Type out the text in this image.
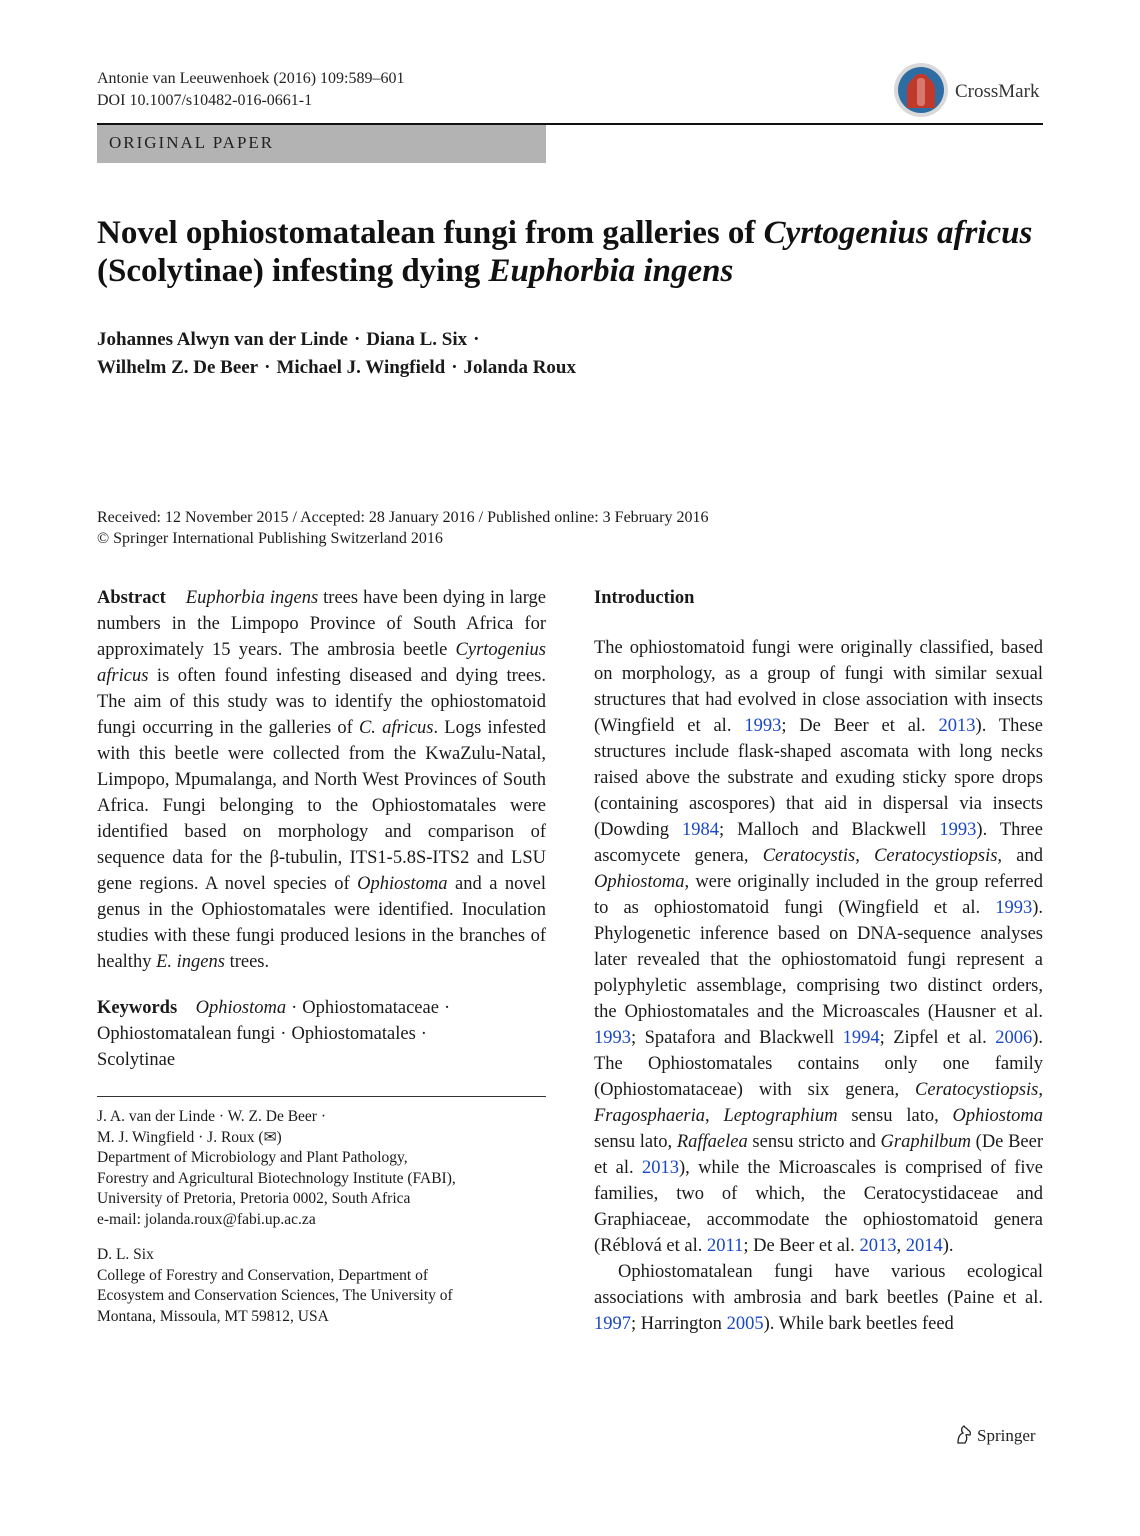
Antonie van Leeuwenhoek (2016) 109:589–601
DOI 10.1007/s10482-016-0661-1	CrossMark
ORIGINAL PAPER
Novel ophiostomatalean fungi from galleries of Cyrtogenius africus (Scolytinae) infesting dying Euphorbia ingens
Johannes Alwyn van der Linde · Diana L. Six ·
Wilhelm Z. De Beer · Michael J. Wingfield · Jolanda Roux
Received: 12 November 2015 / Accepted: 28 January 2016 / Published online: 3 February 2016
© Springer International Publishing Switzerland 2016

Abstract Euphorbia ingens trees have been dying in large numbers in the Limpopo Province of South Africa for approximately 15 years. The ambrosia beetle Cyrtogenius africus is often found infesting diseased and dying trees. The aim of this study was to identify the ophiostomatoid fungi occurring in the galleries of C. africus. Logs infested with this beetle were collected from the KwaZulu-Natal, Limpopo, Mpumalanga, and North West Provinces of South Africa. Fungi belonging to the Ophiostomatales were identified based on morphology and comparison of sequence data for the β-tubulin, ITS1-5.8S-ITS2 and LSU gene regions. A novel species of Ophiostoma and a novel genus in the Ophiostomatales were identified. Inoculation studies with these fungi produced lesions in the branches of healthy E. ingens trees.

Keywords Ophiostoma · Ophiostomataceae ·
Ophiostomatalean fungi · Ophiostomatales ·
Scolytinae

J. A. van der Linde · W. Z. De Beer ·
M. J. Wingfield · J. Roux (✉)
Department of Microbiology and Plant Pathology,
Forestry and Agricultural Biotechnology Institute (FABI),
University of Pretoria, Pretoria 0002, South Africa
e-mail: jolanda.roux@fabi.up.ac.za
D. L. Six
College of Forestry and Conservation, Department of
Ecosystem and Conservation Sciences, The University of
Montana, Missoula, MT 59812, USA
Introduction

The ophiostomatoid fungi were originally classified, based on morphology, as a group of fungi with similar sexual structures that had evolved in close association with insects (Wingfield et al. 1993; De Beer et al. 2013). These structures include flask-shaped ascomata with long necks raised above the substrate and exuding sticky spore drops (containing ascospores) that aid in dispersal via insects (Dowding 1984; Malloch and Blackwell 1993). Three ascomycete genera, Ceratocystis, Ceratocystiopsis, and Ophiostoma, were originally included in the group referred to as ophiostomatoid fungi (Wingfield et al. 1993). Phylogenetic inference based on DNA-sequence analyses later revealed that the ophiostomatoid fungi represent a polyphyletic assemblage, comprising two distinct orders, the Ophiostomatales and the Microascales (Hausner et al. 1993; Spatafora and Blackwell 1994; Zipfel et al. 2006). The Ophiostomatales contains only one family (Ophiostomataceae) with six genera, Ceratocystiopsis, Fragosphaeria, Leptographium sensu lato, Ophiostoma sensu lato, Raffaelea sensu stricto and Graphilbum (De Beer et al. 2013), while the Microascales is comprised of five families, two of which, the Ceratocystidaceae and Graphiaceae, accommodate the ophiostomatoid genera (Réblová et al. 2011; De Beer et al. 2013, 2014).

Ophiostomatalean fungi have various ecological associations with ambrosia and bark beetles (Paine et al. 1997; Harrington 2005). While bark beetles feed

Springer
